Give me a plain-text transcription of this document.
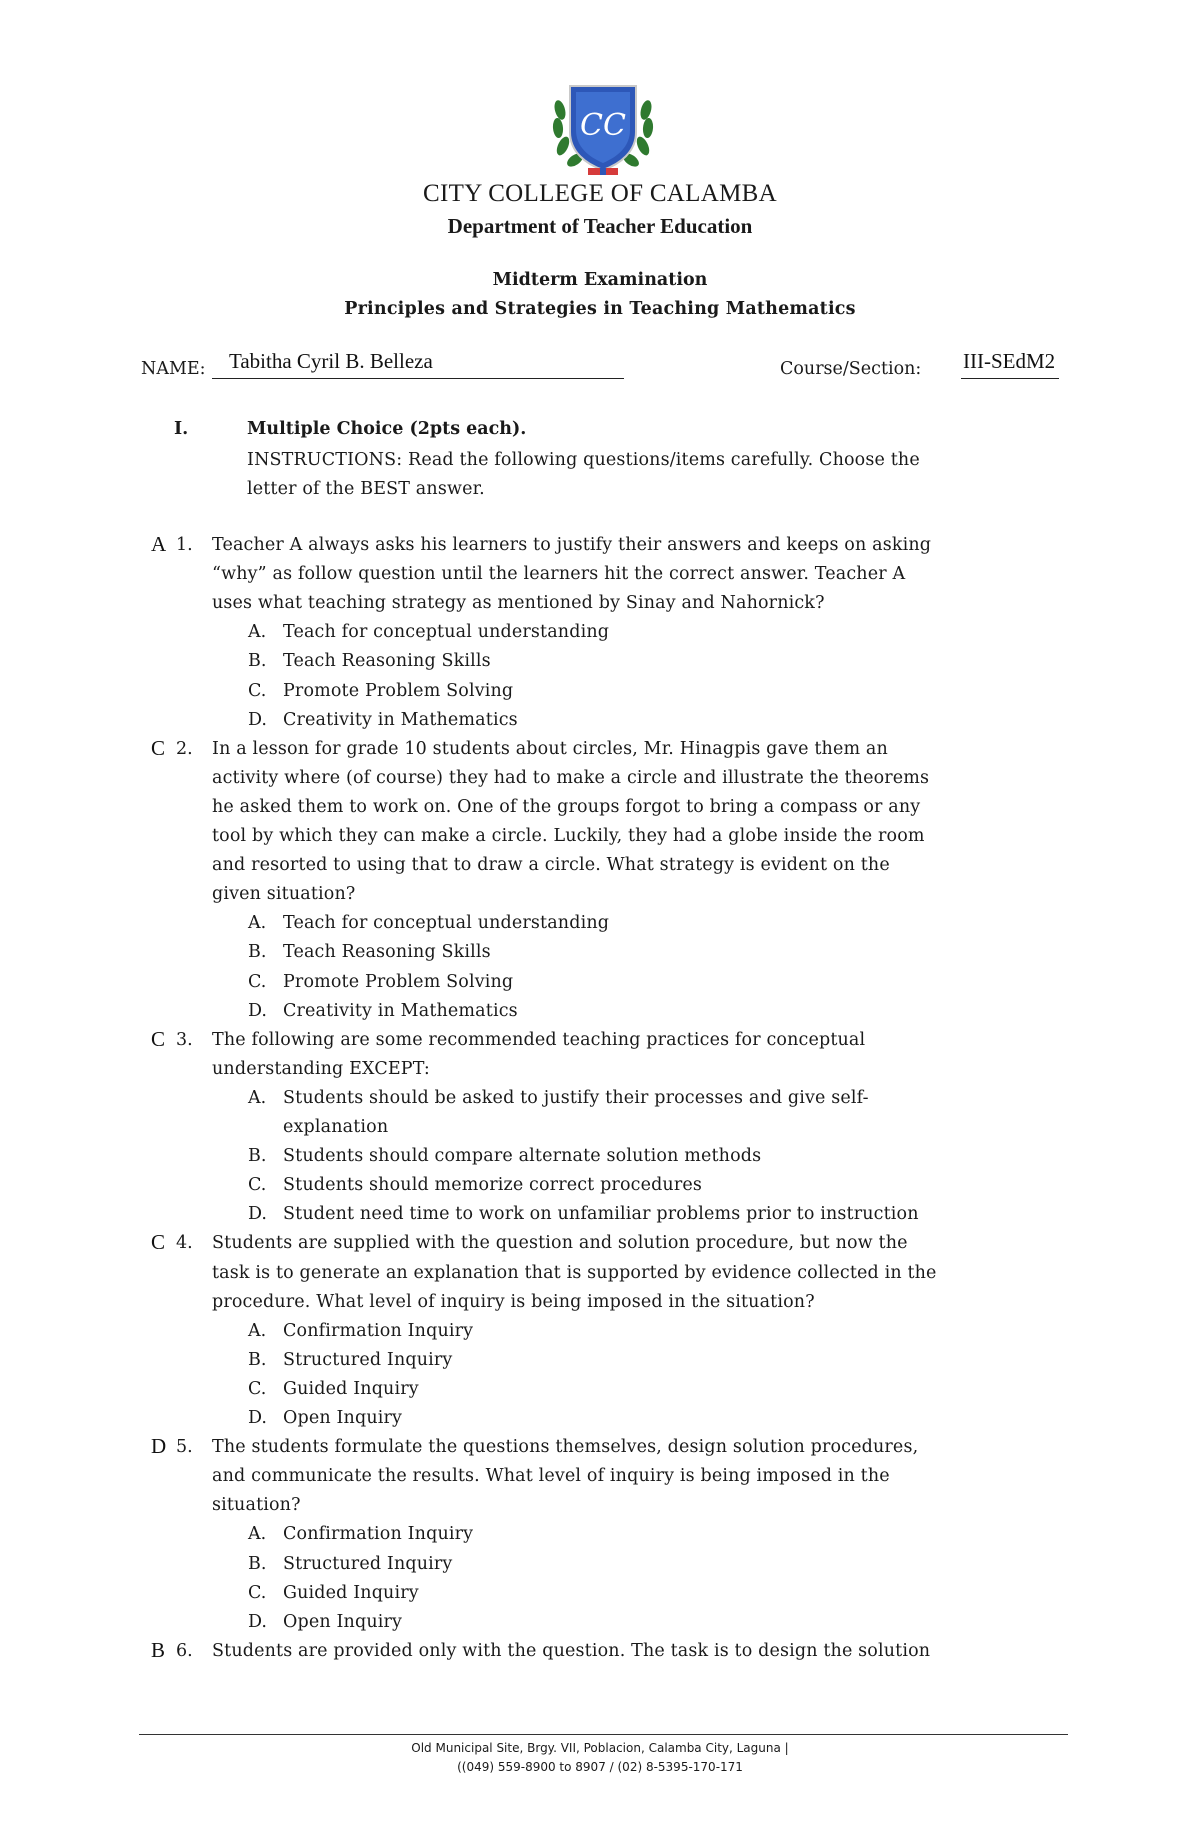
CC
CITY COLLEGE OF CALAMBA
Department of Teacher Education
Midterm Examination
Principles and Strategies in Teaching Mathematics
NAME: Tabitha Cyril B. Belleza	Course/Section: III-SEdM2
I.	Multiple Choice (2pts each).
INSTRUCTIONS: Read the following questions/items carefully. Choose the
letter of the BEST answer.
A 1. Teacher A always asks his learners to justify their answers and keeps on asking
“why” as follow question until the learners hit the correct answer. Teacher A
uses what teaching strategy as mentioned by Sinay and Nahornick?
A. Teach for conceptual understanding
B. Teach Reasoning Skills
C. Promote Problem Solving
D. Creativity in Mathematics
C 2. In a lesson for grade 10 students about circles, Mr. Hinagpis gave them an
activity where (of course) they had to make a circle and illustrate the theorems
he asked them to work on. One of the groups forgot to bring a compass or any
tool by which they can make a circle. Luckily, they had a globe inside the room
and resorted to using that to draw a circle. What strategy is evident on the
given situation?
A. Teach for conceptual understanding
B. Teach Reasoning Skills
C. Promote Problem Solving
D. Creativity in Mathematics
C 3. The following are some recommended teaching practices for conceptual
understanding EXCEPT:
A. Students should be asked to justify their processes and give self-
explanation
B. Students should compare alternate solution methods
C. Students should memorize correct procedures
D. Student need time to work on unfamiliar problems prior to instruction
C 4. Students are supplied with the question and solution procedure, but now the
task is to generate an explanation that is supported by evidence collected in the
procedure. What level of inquiry is being imposed in the situation?
A. Confirmation Inquiry
B. Structured Inquiry
C. Guided Inquiry
D. Open Inquiry
D 5. The students formulate the questions themselves, design solution procedures,
and communicate the results. What level of inquiry is being imposed in the
situation?
A. Confirmation Inquiry
B. Structured Inquiry
C. Guided Inquiry
D. Open Inquiry
B 6. Students are provided only with the question. The task is to design the solution
Old Municipal Site, Brgy. VII, Poblacion, Calamba City, Laguna |
((049) 559-8900 to 8907 / (02) 8-5395-170-171
